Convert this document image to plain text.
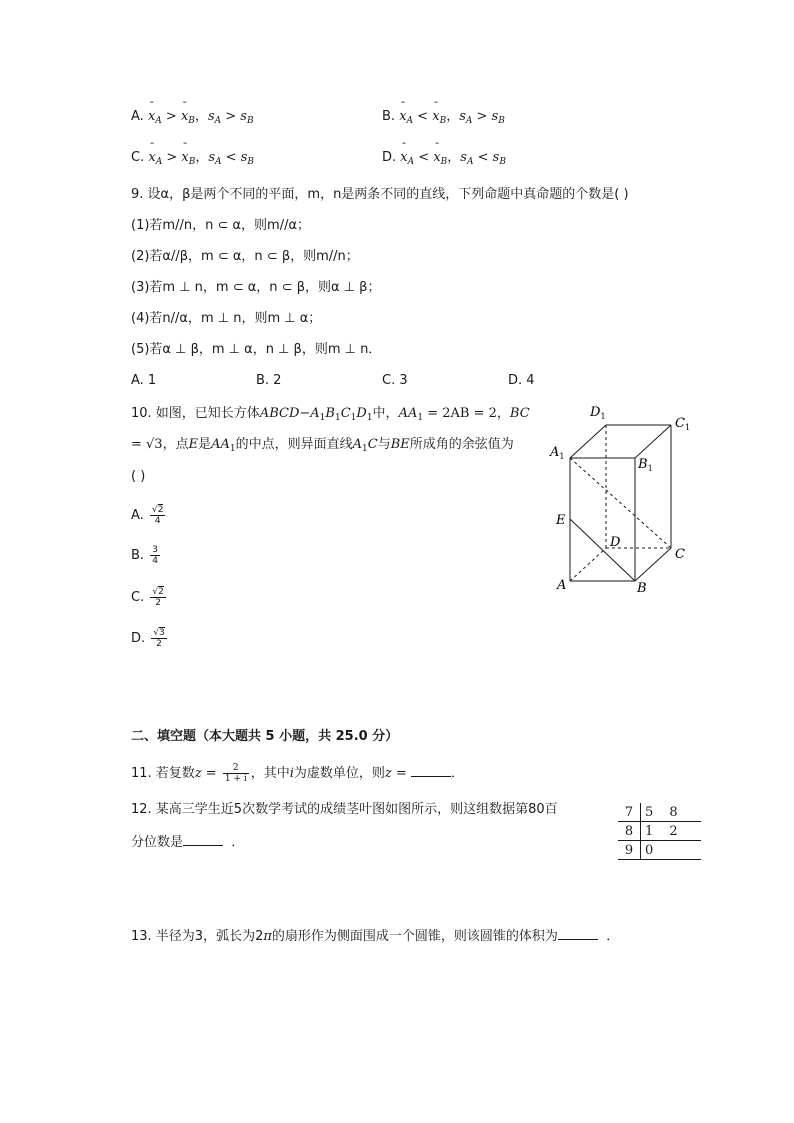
A. ¯ $x_A$ > ¯ $x_B$，$s_A > s_B$	B. ¯ $x_A$ < ¯ $x_B$，$s_A > s_B$
C. ¯ $x_A$ > ¯ $x_B$，$s_A < s_B$	D. ¯ $x_A$ < ¯ $x_B$，$s_A < s_B$
9. 设α，β是两个不同的平面，m，n是两条不同的直线，下列命题中真命题的个数是( )
(1)若m//n，n ⊂ α，则m//α；
(2)若α//β，m ⊂ α，n ⊂ β，则m//n；
(3)若m ⊥ n，m ⊂ α，n ⊂ β，则α ⊥ β；
(4)若n//α，m ⊥ n，则m ⊥ α；
(5)若α ⊥ β，m ⊥ α，n ⊥ β，则m ⊥ n．
A. 1	B. 2	C. 3	D. 4
10. 如图，已知长方体$ABCD-A_1B_1C_1D_1$中，$AA_1 = 2AB = 2$，BC
= √3，点E是$AA_1$的中点，则异面直线$A_1C$与BE所成角的余弦值为
( )
A. $\frac{√2}{4}$
B. $\frac{3}{4}$
C. $\frac{√2}{2}$
D. $\frac{√3}{2}$
$D_1$	$C_1$
$A_1$
$B_1$
E
D
C
A	B
二、填空题（本大题共 5 小题，共 25.0 分）
11. 若复数$z = \frac{2}{1 + i}$ ，其中i为虚数单位，则z =	．
12. 某高三学生近5次数学考试的成绩茎叶图如图所示，则这组数据第80百
分位数是	．
7	5 8
8	1 2
9	0
13. 半径为3，弧长为2π的扇形作为侧面围成一个圆锥，则该圆锥的体积为	．
